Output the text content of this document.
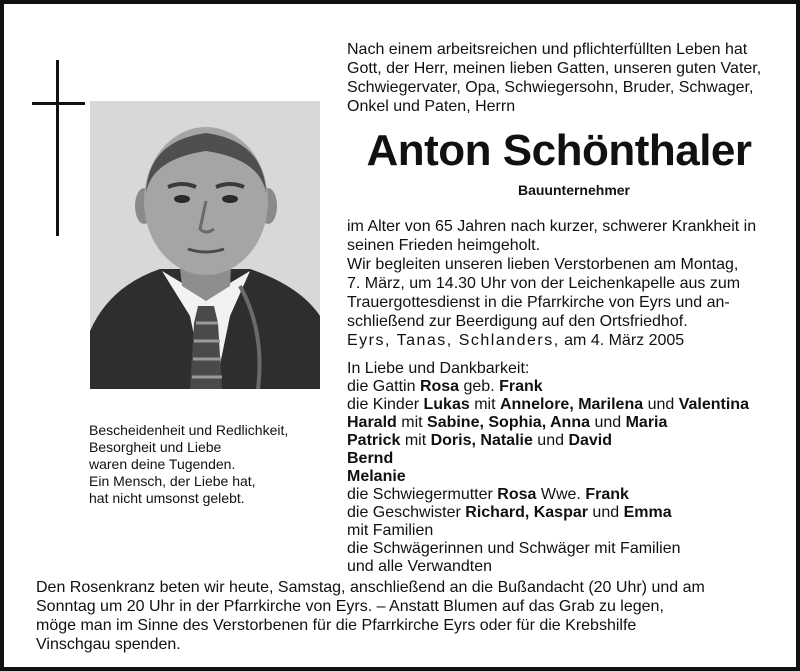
Bescheidenheit und Redlichkeit,
Besorgheit und Liebe
waren deine Tugenden.
Ein Mensch, der Liebe hat,
hat nicht umsonst gelebt.
Nach einem arbeitsreichen und pflichterfüllten Leben hat
Gott, der Herr, meinen lieben Gatten, unseren guten Vater,
Schwiegervater, Opa, Schwiegersohn, Bruder, Schwager,
Onkel und Paten, Herrn
Anton Schönthaler
Bauunternehmer
im Alter von 65 Jahren nach kurzer, schwerer Krankheit in
seinen Frieden heimgeholt.
Wir begleiten unseren lieben Verstorbenen am Montag,
7. März, um 14.30 Uhr von der Leichenkapelle aus zum
Trauergottesdienst in die Pfarrkirche von Eyrs und an-
schließend zur Beerdigung auf den Ortsfriedhof.
Eyrs, Tanas, Schlanders, am 4. März 2005
In Liebe und Dankbarkeit:
die Gattin Rosa geb. Frank
die Kinder Lukas mit Annelore, Marilena und Valentina
Harald mit Sabine, Sophia, Anna und Maria
Patrick mit Doris, Natalie und David
Bernd
Melanie
die Schwiegermutter Rosa Wwe. Frank
die Geschwister Richard, Kaspar und Emma
mit Familien
die Schwägerinnen und Schwäger mit Familien
und alle Verwandten
Den Rosenkranz beten wir heute, Samstag, anschließend an die Bußandacht (20 Uhr) und am
Sonntag um 20 Uhr in der Pfarrkirche von Eyrs. – Anstatt Blumen auf das Grab zu legen,
möge man im Sinne des Verstorbenen für die Pfarrkirche Eyrs oder für die Krebshilfe
Vinschgau spenden.
